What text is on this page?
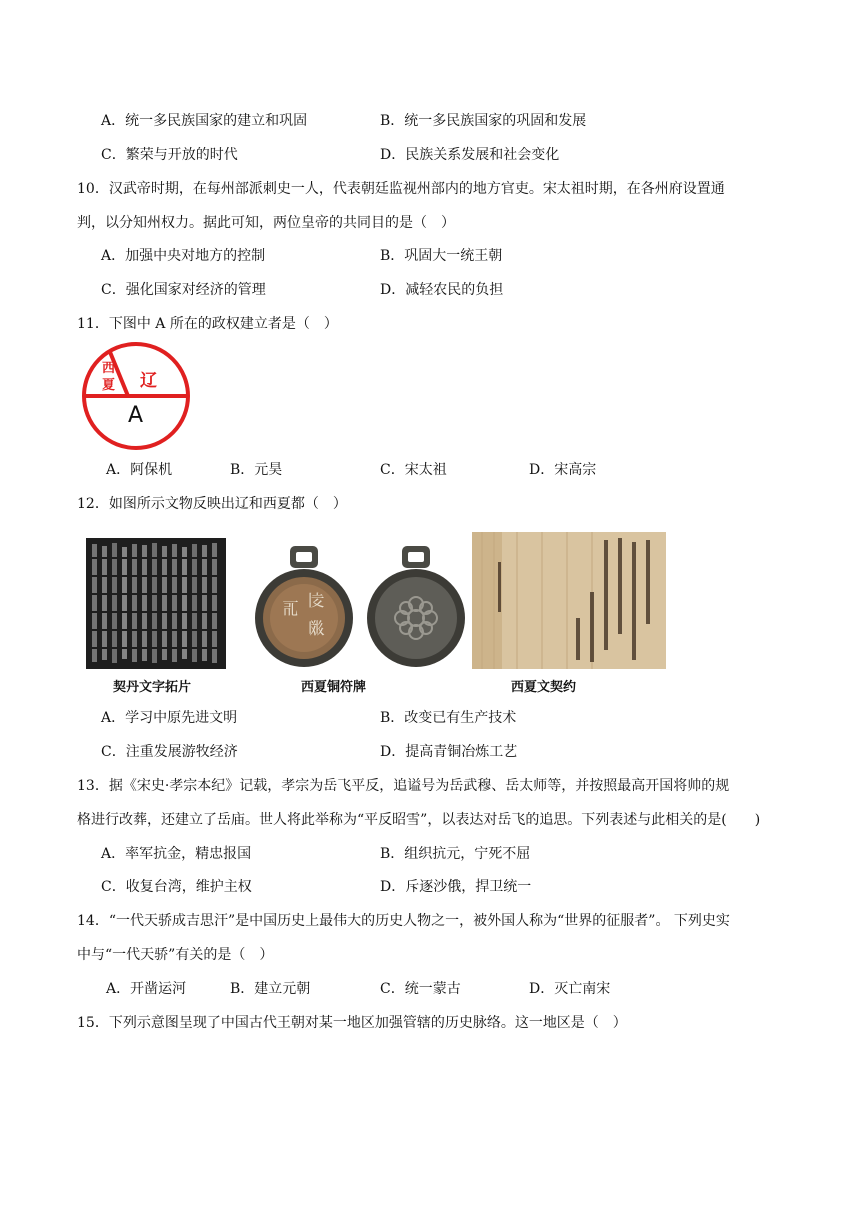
A．统一多民族国家的建立和巩固	B．统一多民族国家的巩固和发展
C．繁荣与开放的时代	D．民族关系发展和社会变化
10．汉武帝时期，在每州部派刺史一人，代表朝廷监视州部内的地方官吏。宋太祖时期，在各州府设置通
判，以分知州权力。据此可知，两位皇帝的共同目的是（　）
A．加强中央对地方的控制	B．巩固大一统王朝
C．强化国家对经济的管理	D．减轻农民的负担
11．下图中 A 所在的政权建立者是（　）
西
夏 辽
A
A．阿保机	B．元昊	C．宋太祖	D．宋高宗
12．如图所示文物反映出辽和西夏都（　）
契丹文字拓片
𗀀 𗁁
𗂂
西夏铜符牌	西夏文契约
A．学习中原先进文明	B．改变已有生产技术
C．注重发展游牧经济	D．提高青铜冶炼工艺
13．据《宋史·孝宗本纪》记载，孝宗为岳飞平反，追谥号为岳武穆、岳太师等，并按照最高开国将帅的规
格进行改葬，还建立了岳庙。世人将此举称为“平反昭雪”，以表达对岳飞的追思。下列表述与此相关的是(　　)
A．率军抗金，精忠报国	B．组织抗元，宁死不屈
C．收复台湾，维护主权	D．斥逐沙俄，捍卫统一
14．“一代天骄成吉思汗”是中国历史上最伟大的历史人物之一，被外国人称为“世界的征服者”。 下列史实
中与“一代天骄”有关的是（　）
A．开凿运河	B．建立元朝	C．统一蒙古	D．灭亡南宋
15．下列示意图呈现了中国古代王朝对某一地区加强管辖的历史脉络。这一地区是（　）
